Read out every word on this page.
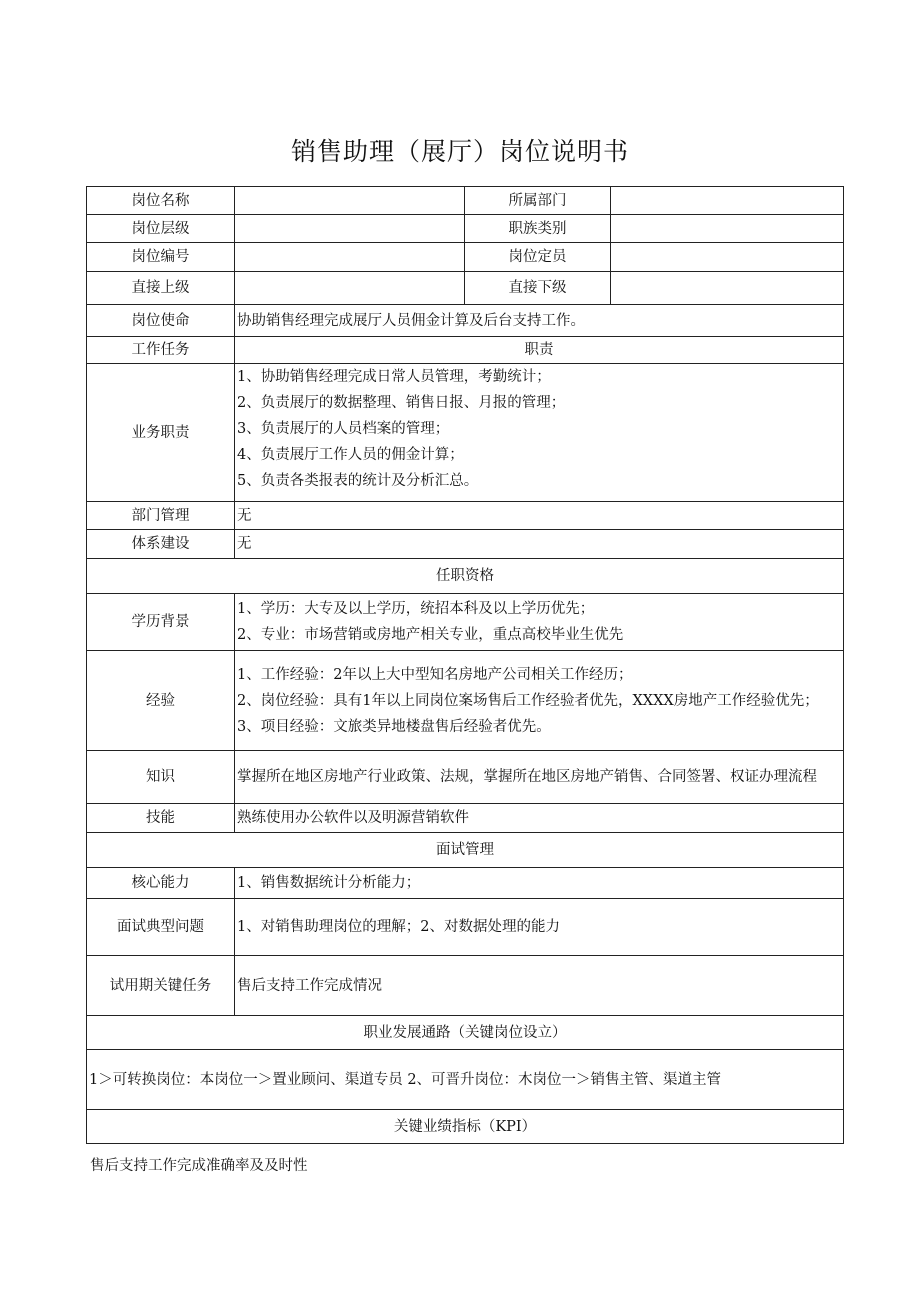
销售助理（展厅）岗位说明书
岗位名称		所属部门	
岗位层级		职族类别	
岗位编号		岗位定员	
直接上级		直接下级	
岗位使命	协助销售经理完成展厅人员佣金计算及后台支持工作。		
工作任务	职责		
业务职责	1、协助销售经理完成日常人员管理，考勤统计；
2、负责展厅的数据整理、销售日报、月报的管理；
3、负责展厅的人员档案的管理；
4、负责展厅工作人员的佣金计算；
5、负责各类报表的统计及分析汇总。		

部门管理	无		
体系建设	无		
任职资格			
学历背景	1、学历：大专及以上学历，统招本科及以上学历优先；
2、专业：市场营销或房地产相关专业，重点高校毕业生优先		

经验	1、工作经验：2年以上大中型知名房地产公司相关工作经历；
2、岗位经验：具有1年以上同岗位案场售后工作经验者优先，XXXX房地产工作经验优先；
3、项目经验：文旅类异地楼盘售后经验者优先。		

知识	掌握所在地区房地产行业政策、法规，掌握所在地区房地产销售、合同签署、权证办理流程		
技能	熟练使用办公软件以及明源营销软件		
面试管理			
核心能力	1、销售数据统计分析能力；		
面试典型问题	1、对销售助理岗位的理解；2、对数据处理的能力		
试用期关键任务	售后支持工作完成情况		
职业发展通路（关键岗位设立）			
1＞可转换岗位：本岗位一＞置业顾问、渠道专员 2、可晋升岗位：木岗位一＞销售主管、渠道主管			
关键业绩指标（KPI）			
售后支持工作完成准确率及及时性
